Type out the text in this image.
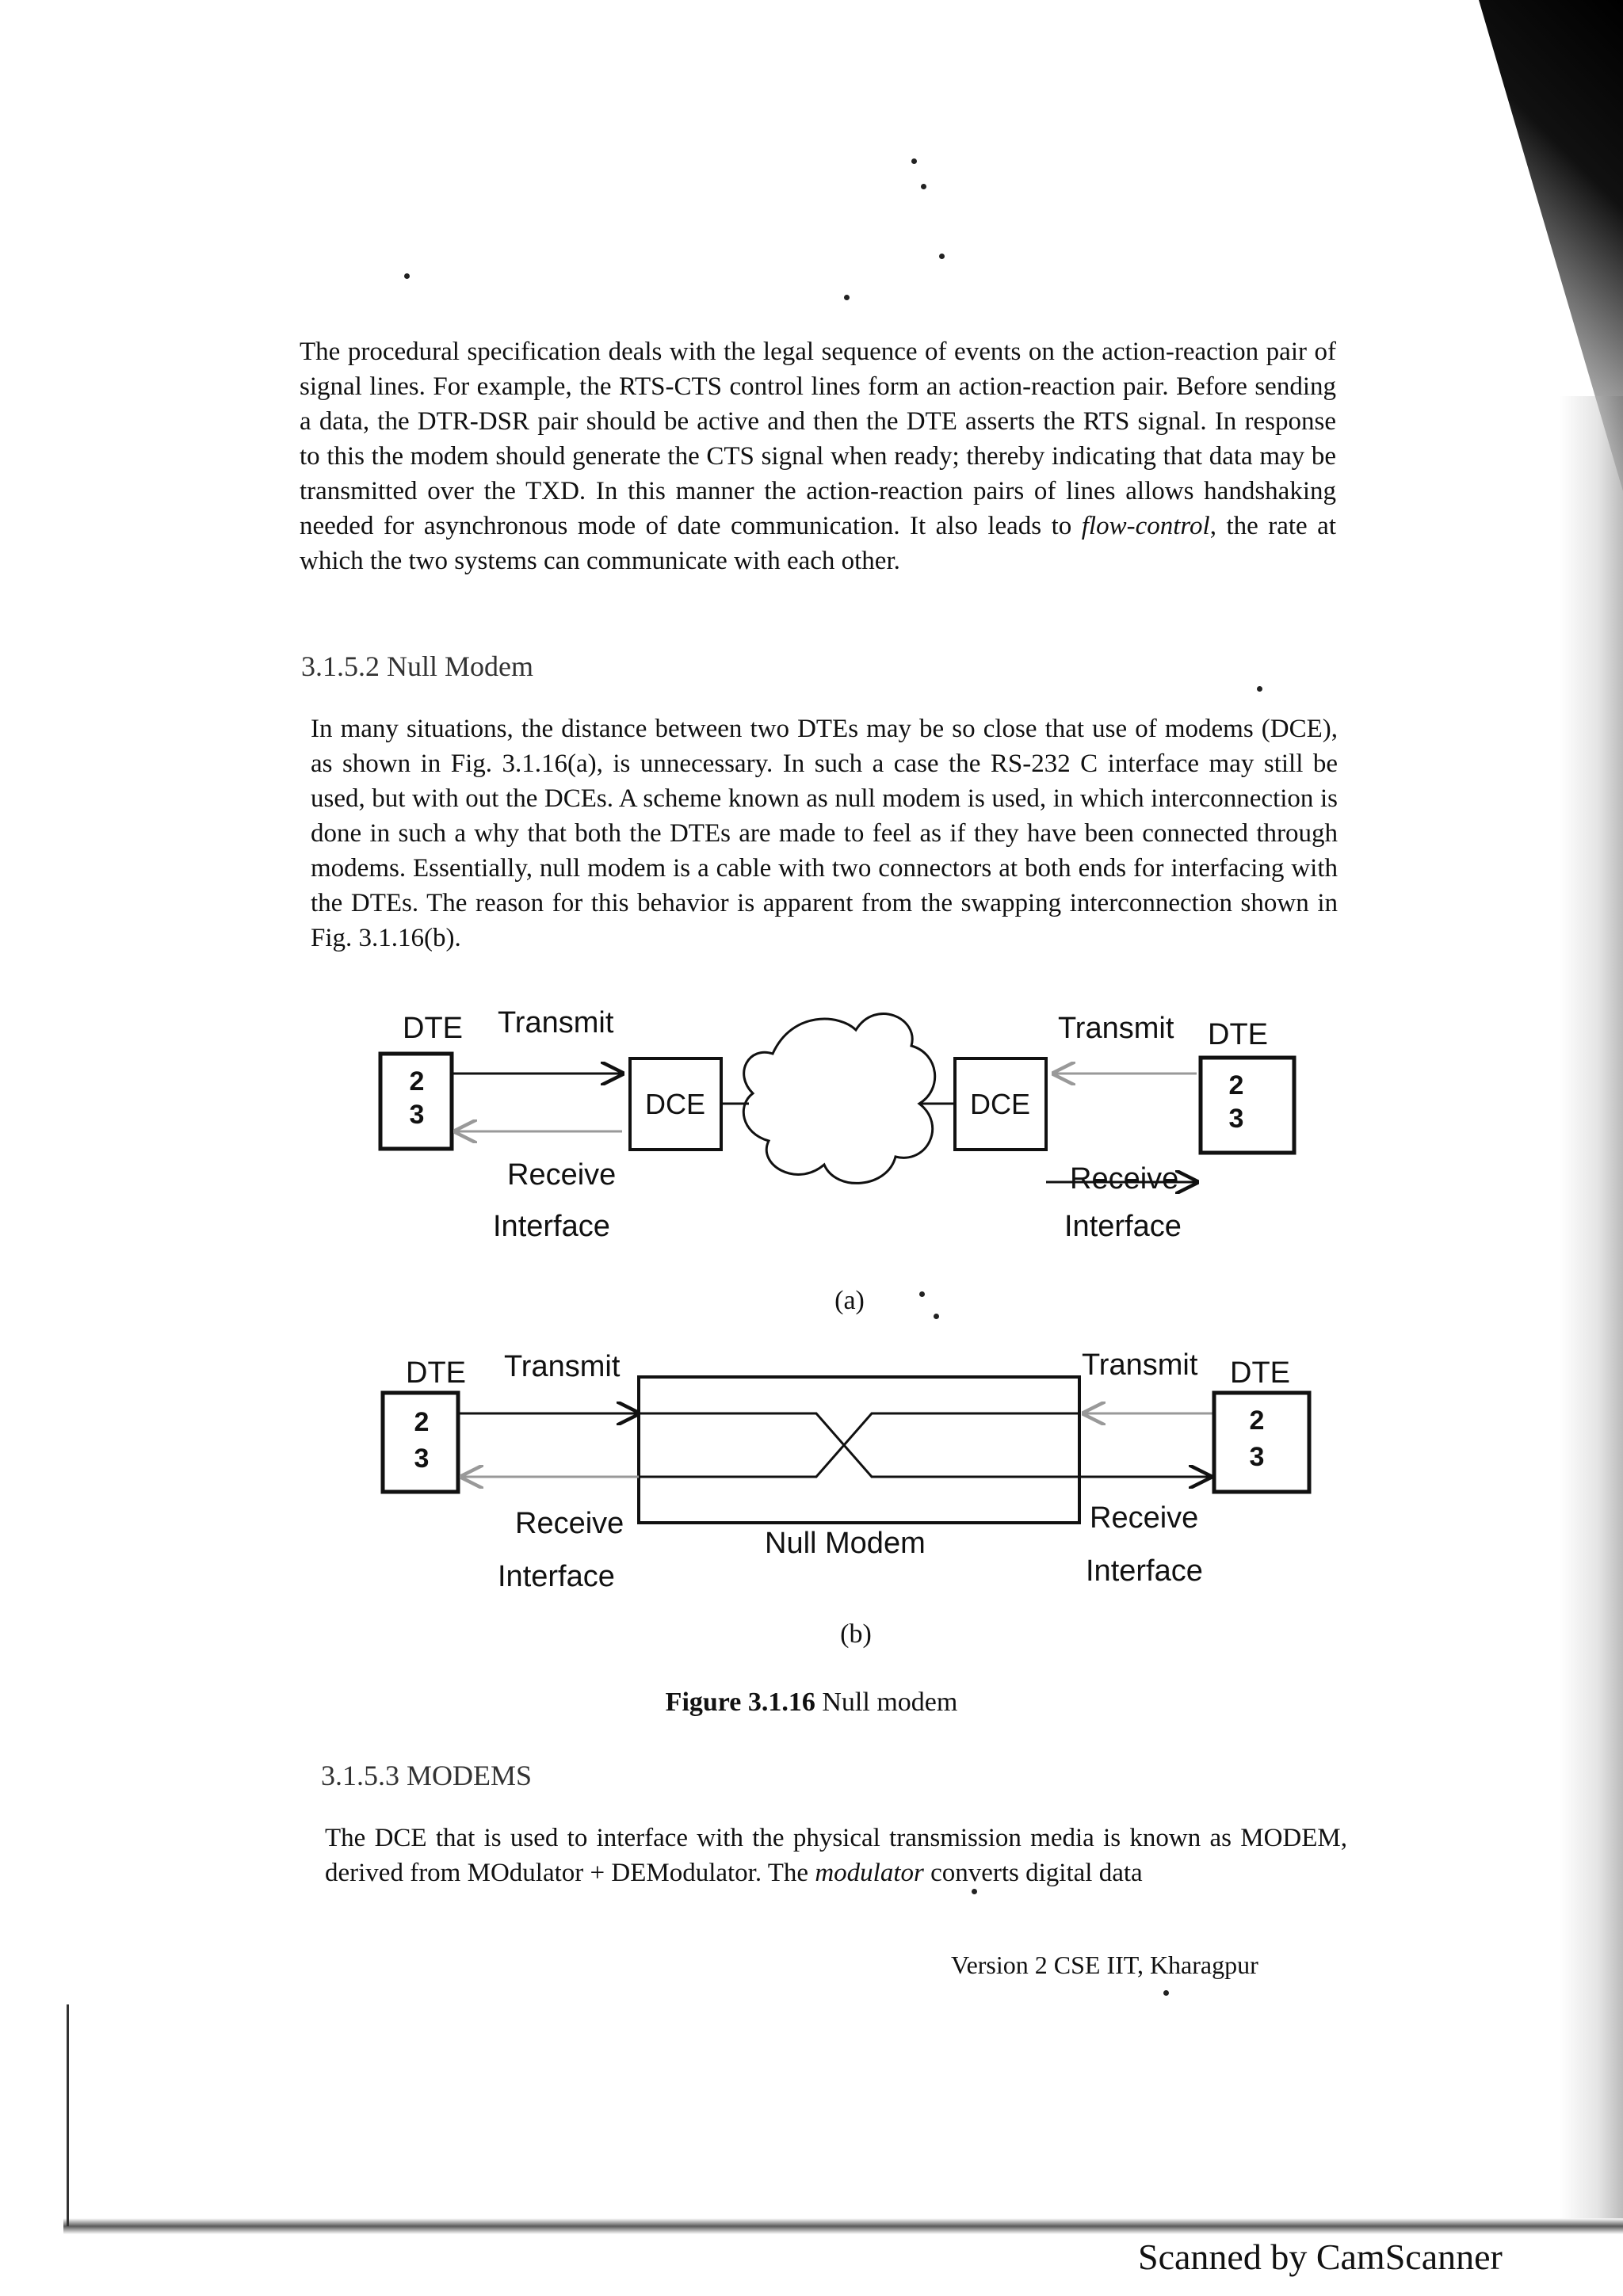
The procedural specification deals with the legal sequence of events on the action-reaction pair of signal lines. For example, the RTS-CTS control lines form an action-reaction pair. Before sending a data, the DTR-DSR pair should be active and then the DTE asserts the RTS signal. In response to this the modem should generate the CTS signal when ready; thereby indicating that data may be transmitted over the TXD. In this manner the action-reaction pairs of lines allows handshaking needed for asynchronous mode of date communication. It also leads to flow-control, the rate at which the two systems can communicate with each other.

3.1.5.2 Null Modem

In many situations, the distance between two DTEs may be so close that use of modems (DCE), as shown in Fig. 3.1.16(a), is unnecessary. In such a case the RS-232 C interface may still be used, but with out the DCEs. A scheme known as null modem is used, in which interconnection is done in such a why that both the DTEs are made to feel as if they have been connected through modems. Essentially, null modem is a cable with two connectors at both ends for interfacing with the DTEs. The reason for this behavior is apparent from the swapping interconnection shown in Fig. 3.1.16(b).

DTE Transmit
2
3
Receive
Interface
DCE	DCE
Transmit DTE
2
3
Receive
Interface
(a)
DTE Transmit
2
3
Transmit DTE
2
3
Receive
Interface
Null Modem
Receive
Interface
(b)

Figure 3.1.16 Null modem

3.1.5.3 MODEMS

The DCE that is used to interface with the physical transmission media is known as MODEM, derived from MOdulator + DEModulator. The modulator converts digital data

Version 2 CSE IIT, Kharagpur

Scanned by CamScanner
